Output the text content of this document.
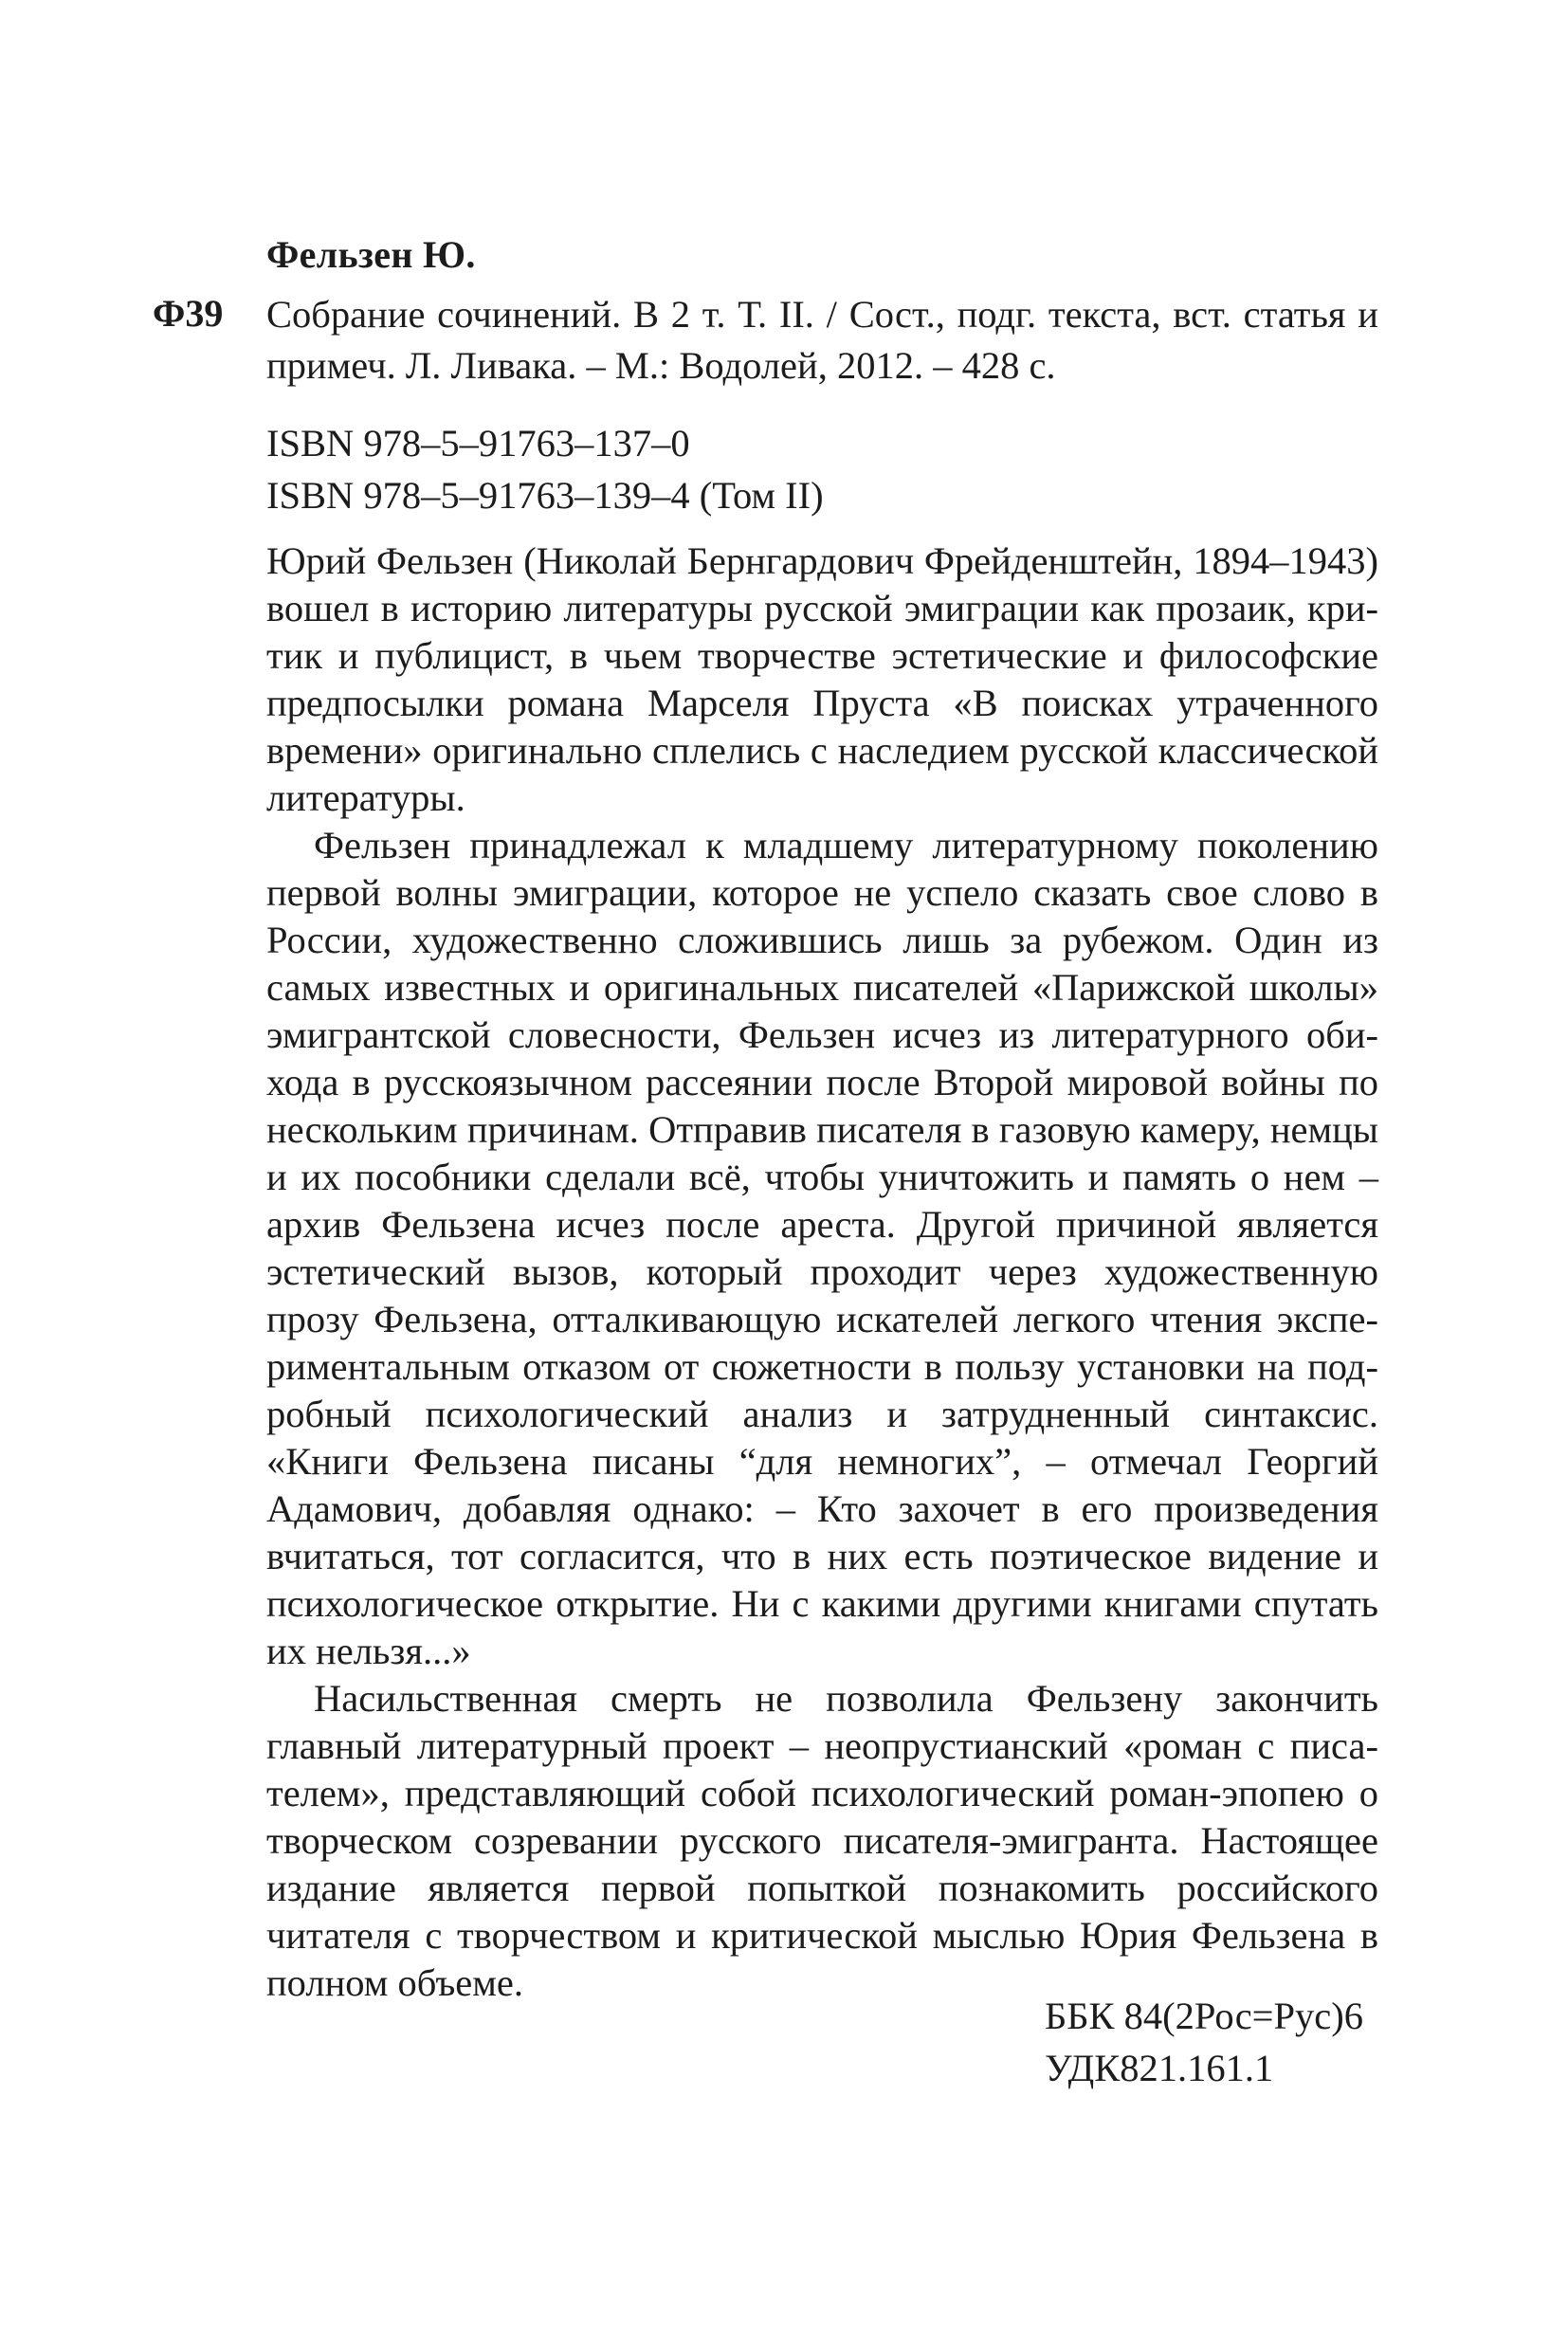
Фельзен Ю.
Ф39 Собрание сочинений. В 2 т. Т. II. / Сост., подг. текста, вст. статья и примеч. Л. Ливака. – М.: Водолей, 2012. – 428 с.
ISBN 978–5–91763–137–0
ISBN 978–5–91763–139–4 (Том II)

Юрий Фельзен (Николай Бернгардович Фрейденштейн, 1894–1943) вошел в историю литературы русской эмиграции как прозаик, критик и публицист, в чьем творчестве эстетические и философские предпосылки романа Марселя Пруста «В поисках утраченного времени» оригинально сплелись с наследием русской классической литературы.

Фельзен принадлежал к младшему литературному поколению первой волны эмиграции, которое не успело сказать свое слово в России, художественно сложившись лишь за рубежом. Один из самых известных и оригинальных писателей «Парижской школы» эмигрантской словесности, Фельзен исчез из литературного обихода в русскоязычном рассеянии после Второй мировой войны по нескольким причинам. Отправив писателя в газовую камеру, немцы и их пособники сделали всё, чтобы уничтожить и память о нем – архив Фельзена исчез после ареста. Другой причиной является эстетический вызов, который проходит через художественную прозу Фельзена, отталкивающую искателей легкого чтения экспериментальным отказом от сюжетности в пользу установки на подробный психологический анализ и затрудненный синтаксис. «Книги Фельзена писаны “для немногих”, – отмечал Георгий Адамович, добавляя однако: – Кто захочет в его произведения вчитаться, тот согласится, что в них есть поэтическое видение и психологическое открытие. Ни с какими другими книгами спутать их нельзя...»

Насильственная смерть не позволила Фельзену закончить главный литературный проект – неопрустианский «роман с писателем», представляющий собой психологический роман-эпопею о творческом созревании русского писателя-эмигранта. Настоящее издание является первой попыткой познакомить российского читателя с творчеством и критической мыслью Юрия Фельзена в полном объеме.

ББК 84(2Рос=Рус)6
УДК821.161.1
